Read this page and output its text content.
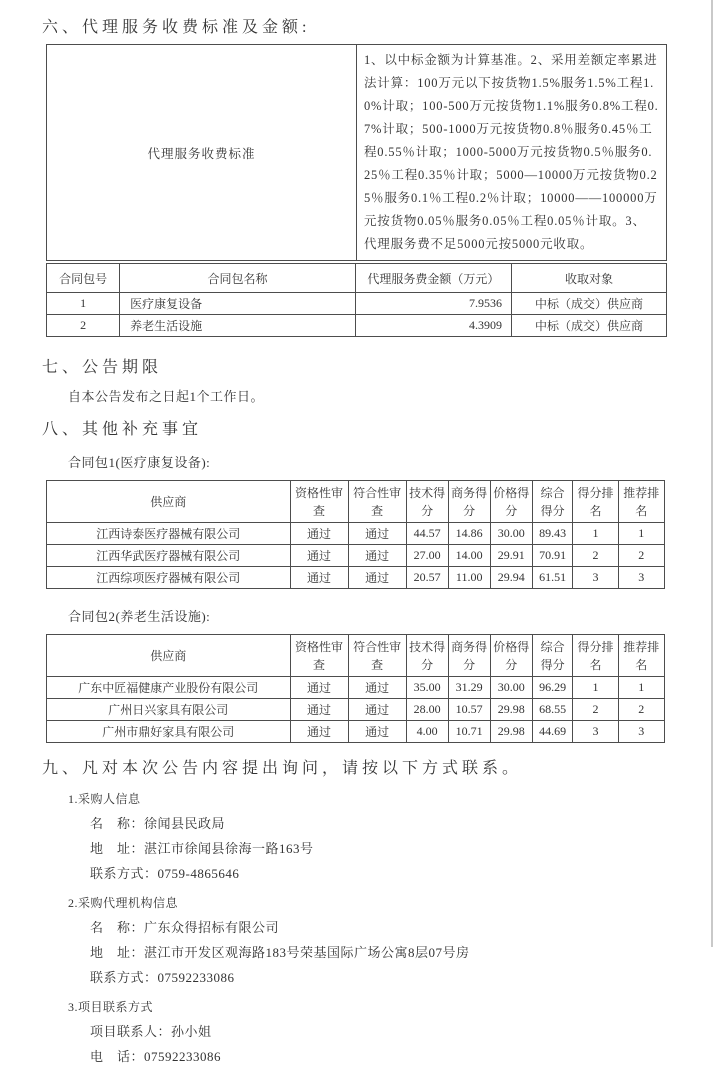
六、代理服务收费标准及金额:
代理服务收费标准	1、以中标金额为计算基准。2、采用差额定率累进法计算：100万元以下按货物1.5%服务1.5%工程1.0%计取；100-500万元按货物1.1%服务0.8%工程0.7%计取；500-1000万元按货物0.8％服务0.45％工程0.55％计取；1000-5000万元按货物0.5％服务0.25％工程0.35％计取；5000—10000万元按货物0.25％服务0.1％工程0.2％计取；10000——100000万元按货物0.05％服务0.05％工程0.05％计取。3、代理服务费不足5000元按5000元收取。
合同包号	合同包名称	代理服务费金额（万元）	收取对象
1	医疗康复设备	7.9536	中标（成交）供应商
2	养老生活设施	4.3909	中标（成交）供应商
七、公告期限

自本公告发布之日起1个工作日。

八、其他补充事宜

合同包1(医疗康复设备):

供应商	资格性审查	符合性审查	技术得分	商务得分	价格得分	综合得分	得分排名	推荐排名
江西诗泰医疗器械有限公司	通过	通过	44.57	14.86	30.00	89.43	1	1
江西华武医疗器械有限公司	通过	通过	27.00	14.00	29.91	70.91	2	2
江西综项医疗器械有限公司	通过	通过	20.57	11.00	29.94	61.51	3	3

合同包2(养老生活设施):

供应商	资格性审查	符合性审查	技术得分	商务得分	价格得分	综合得分	得分排名	推荐排名
广东中匠福健康产业股份有限公司	通过	通过	35.00	31.29	30.00	96.29	1	1
广州日兴家具有限公司	通过	通过	28.00	10.57	29.98	68.55	2	2
广州市鼎好家具有限公司	通过	通过	4.00	10.71	29.98	44.69	3	3
九、凡对本次公告内容提出询问，请按以下方式联系。

1.采购人信息

名　称：徐闻县民政局

地　址：湛江市徐闻县徐海一路163号

联系方式：0759-4865646

2.采购代理机构信息

名　称：广东众得招标有限公司

地　址：湛江市开发区观海路183号荣基国际广场公寓8层07号房

联系方式：07592233086

3.项目联系方式

项目联系人：孙小姐

电　话：07592233086
